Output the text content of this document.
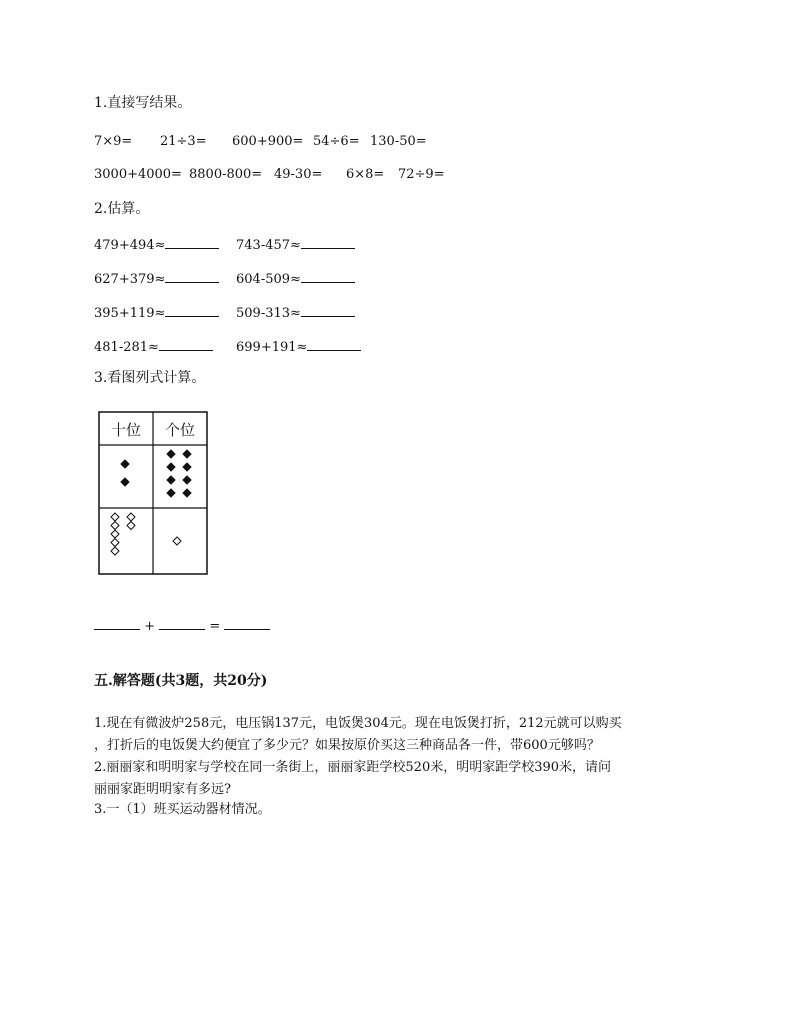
1.直接写结果。
7×9= 21÷3= 600+900= 54÷6= 130-50=
3000+4000= 8800-800= 49-30= 6×8= 72÷9=
2.估算。
479+494≈	743-457≈
627+379≈	604-509≈
395+119≈	509-313≈
481-281≈	699+191≈
3.看图列式计算。
十位 个位
+	=
五.解答题(共3题，共20分)
1.现在有微波炉258元，电压锅137元，电饭煲304元。现在电饭煲打折，212元就可以购买
，打折后的电饭煲大约便宜了多少元？如果按原价买这三种商品各一件，带600元够吗？
2.丽丽家和明明家与学校在同一条街上，丽丽家距学校520米，明明家距学校390米，请问
丽丽家距明明家有多远?
3.一（1）班买运动器材情况。
